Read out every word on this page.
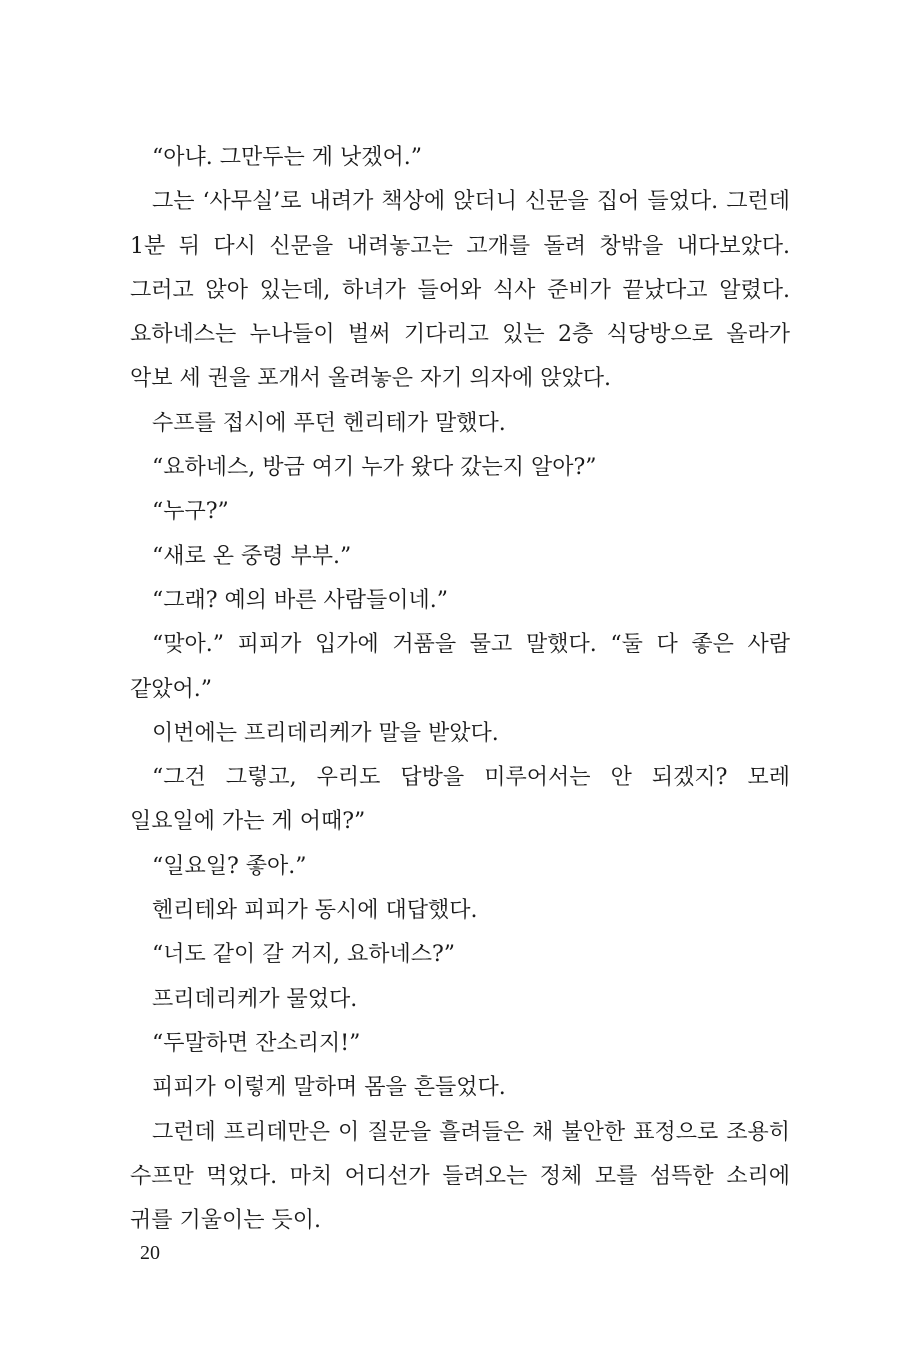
“아냐. 그만두는 게 낫겠어.”

그는 ‘사무실’로 내려가 책상에 앉더니 신문을 집어 들었다. 그런데 1분 뒤 다시 신문을 내려놓고는 고개를 돌려 창밖을 내다보았다. 그러고 앉아 있는데, 하녀가 들어와 식사 준비가 끝났다고 알렸다. 요하네스는 누나들이 벌써 기다리고 있는 2층 식당방으로 올라가 악보 세 권을 포개서 올려놓은 자기 의자에 앉았다.

수프를 접시에 푸던 헨리테가 말했다.

“요하네스, 방금 여기 누가 왔다 갔는지 알아?”

“누구?”

“새로 온 중령 부부.”

“그래? 예의 바른 사람들이네.”

“맞아.” 피피가 입가에 거품을 물고 말했다. “둘 다 좋은 사람 같았어.”

이번에는 프리데리케가 말을 받았다.

“그건 그렇고, 우리도 답방을 미루어서는 안 되겠지? 모레 일요일에 가는 게 어때?”

“일요일? 좋아.”

헨리테와 피피가 동시에 대답했다.

“너도 같이 갈 거지, 요하네스?”

프리데리케가 물었다.

“두말하면 잔소리지!”

피피가 이렇게 말하며 몸을 흔들었다.

그런데 프리데만은 이 질문을 흘려들은 채 불안한 표정으로 조용히 수프만 먹었다. 마치 어디선가 들려오는 정체 모를 섬뜩한 소리에 귀를 기울이는 듯이.

20
